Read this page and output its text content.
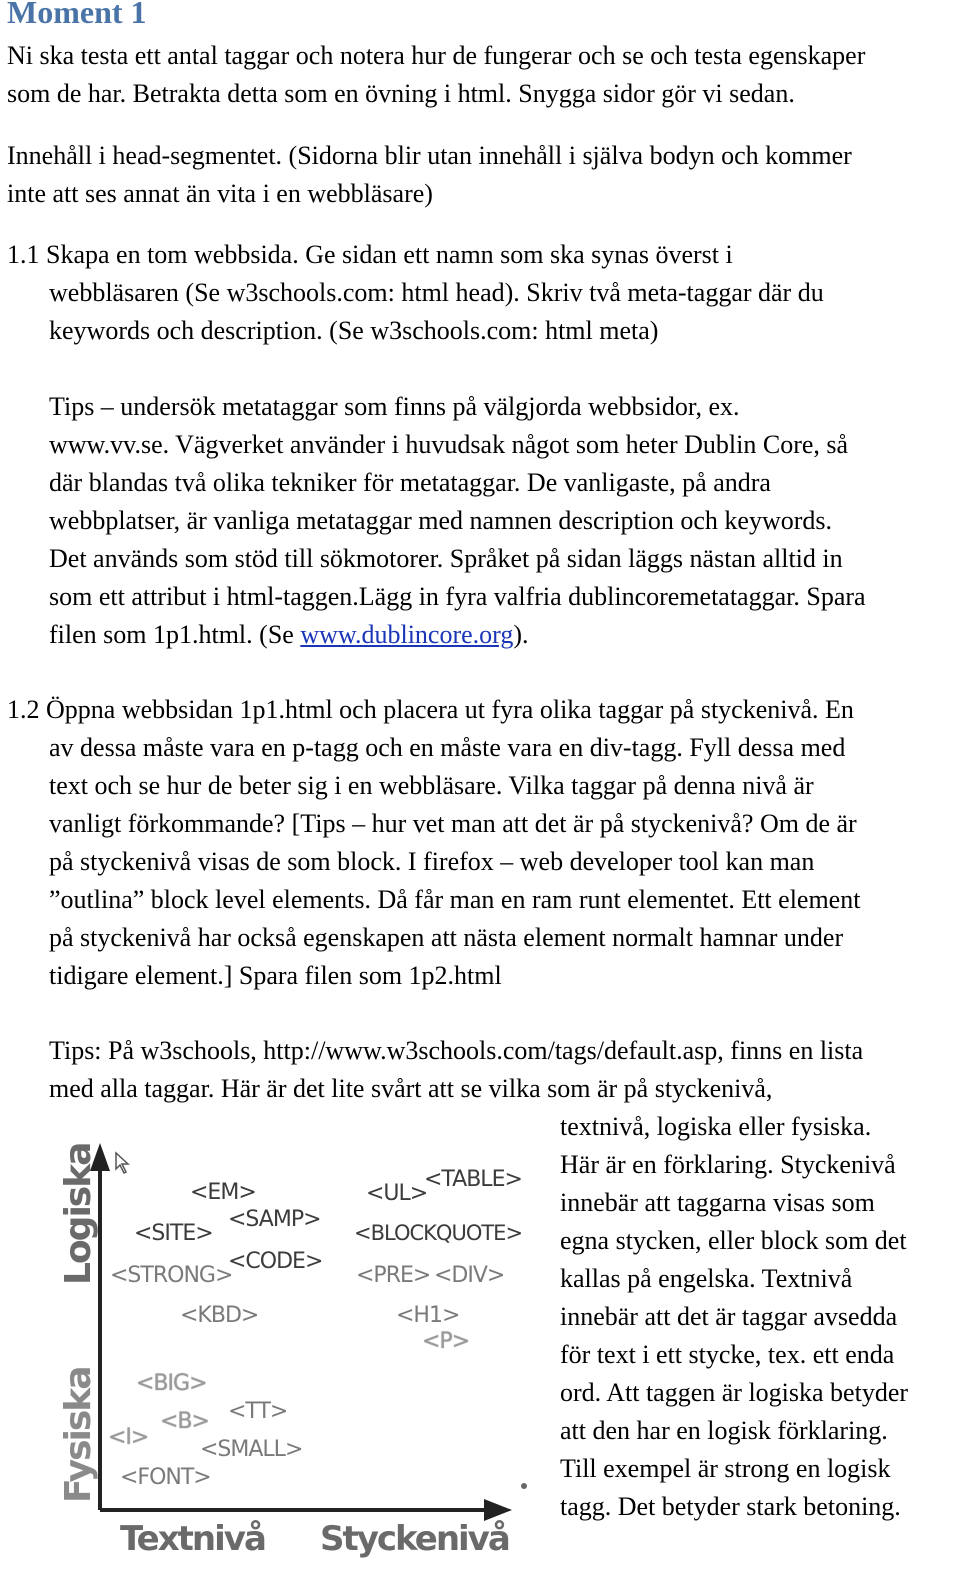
Moment 1

Ni ska testa ett antal taggar och notera hur de fungerar och se och testa egenskaper

som de har. Betrakta detta som en övning i html. Snygga sidor gör vi sedan.

Innehåll i head-segmentet. (Sidorna blir utan innehåll i själva bodyn och kommer

inte att ses annat än vita i en webbläsare)

1.1 Skapa en tom webbsida. Ge sidan ett namn som ska synas överst i

webbläsaren (Se w3schools.com: html head). Skriv två meta-taggar där du

keywords och description. (Se w3schools.com: html meta)

Tips – undersök metataggar som finns på välgjorda webbsidor, ex.

www.vv.se. Vägverket använder i huvudsak något som heter Dublin Core, så

där blandas två olika tekniker för metataggar. De vanligaste, på andra

webbplatser, är vanliga metataggar med namnen description och keywords.

Det används som stöd till sökmotorer. Språket på sidan läggs nästan alltid in

som ett attribut i html-taggen.Lägg in fyra valfria dublincoremetataggar. Spara

filen som 1p1.html. (Se www.dublincore.org).

1.2 Öppna webbsidan 1p1.html och placera ut fyra olika taggar på styckenivå. En

av dessa måste vara en p-tagg och en måste vara en div-tagg. Fyll dessa med

text och se hur de beter sig i en webbläsare. Vilka taggar på denna nivå är

vanligt förkommande? [Tips – hur vet man att det är på styckenivå? Om de är

på styckenivå visas de som block. I firefox – web developer tool kan man

”outlina” block level elements. Då får man en ram runt elementet. Ett element

på styckenivå har också egenskapen att nästa element normalt hamnar under

tidigare element.] Spara filen som 1p2.html

Tips: På w3schools, http://www.w3schools.com/tags/default.asp, finns en lista

med alla taggar. Här är det lite svårt att se vilka som är på styckenivå,

textnivå, logiska eller fysiska.

Här är en förklaring. Styckenivå

innebär att taggarna visas som

egna stycken, eller block som det

kallas på engelska. Textnivå

innebär att det är taggar avsedda

för text i ett stycke, tex. ett enda

ord. Att taggen är logiska betyder

att den har en logisk förklaring.

Till exempel är strong en logisk

tagg. Det betyder stark betoning.

Logiska
Fysiska
Textnivå Styckenivå
<EM>
<SAMP>
<SITE>
<CODE>
<STRONG>
<KBD>
<UL>
<TABLE>
<BLOCKQUOTE>
<PRE> <DIV>
<H1>
<P>
<BIG>
<B> <TT>
<I> <SMALL>
<FONT>
